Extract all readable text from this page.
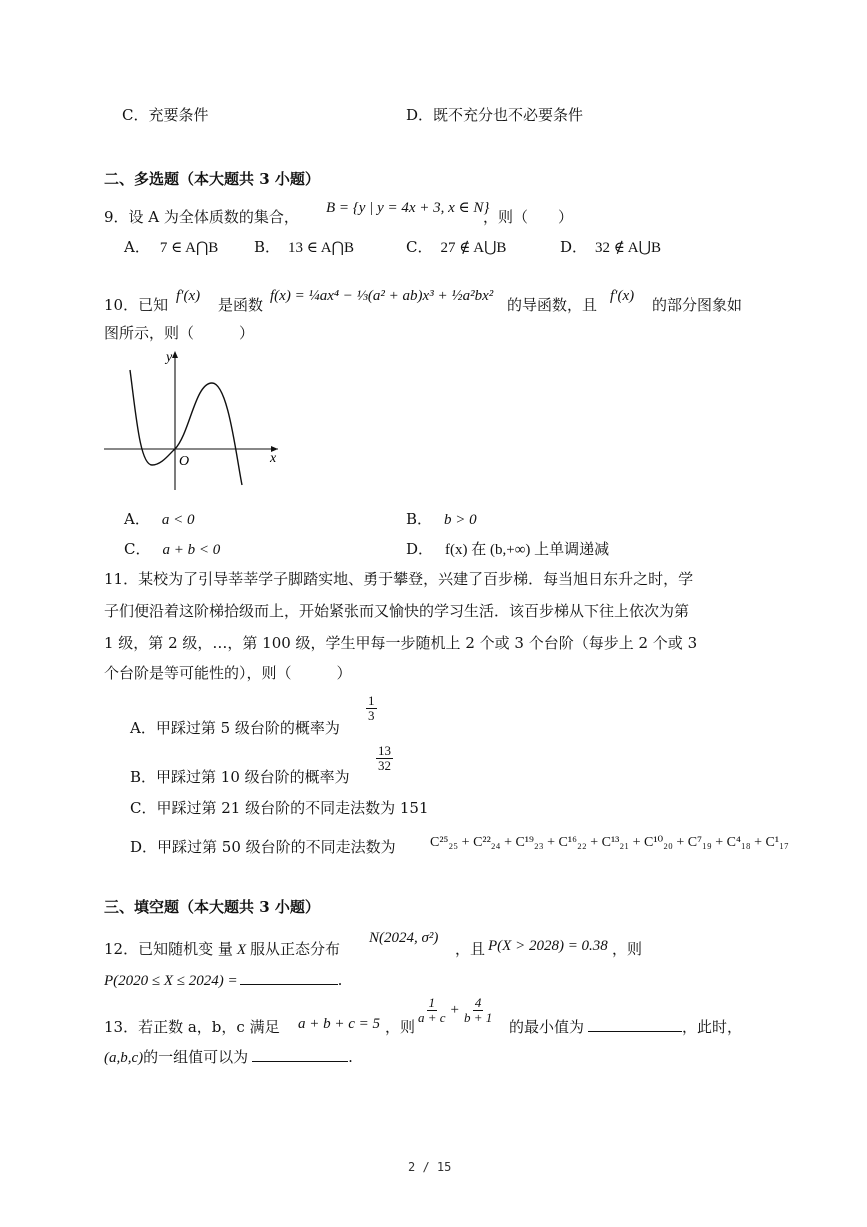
C．充要条件	D．既不充分也不必要条件
二、多选题（本大题共 3 小题）
9．设 A 为全体质数的集合， B = {y | y = 4x + 3, x ∈ N}
，则（　　）
A． 7 ∈ A⋂B B． 13 ∈ A⋂B	C． 27 ∉ A⋃B	D． 32 ∉ A⋃B
10．已知 f′(x) 是函数 f(x) = ¼ax⁴ − ⅓(a² + ab)x³ + ½a²bx² 的导函数，且 f′(x) 的部分图象如
图所示，则（　　　）
x
y
O
A． a < 0	B． b > 0
C． a + b < 0	D． f(x) 在 (b,+∞) 上单调递减
11．某校为了引导莘莘学子脚踏实地、勇于攀登，兴建了百步梯．每当旭日东升之时，学
子们便沿着这阶梯拾级而上，开始紧张而又愉快的学习生活．该百步梯从下往上依次为第
1 级，第 2 级，…，第 100 级，学生甲每一步随机上 2 个或 3 个台阶（每步上 2 个或 3
个台阶是等可能性的），则（　　　）
A．甲踩过第 5 级台阶的概率为
$\frac{1}{3}$
B．甲踩过第 10 级台阶的概率为
$\frac{13}{32}$
C．甲踩过第 21 级台阶的不同走法数为 151
D．甲踩过第 50 级台阶的不同走法数为 C²⁵₂₅ + C²²₂₄ + C¹⁹₂₃ + C¹⁶₂₂ + C¹³₂₁ + C¹⁰₂₀ + C⁷₁₉ + C⁴₁₈ + C¹₁₇
三、填空题（本大题共 3 小题）
12．已知随机变 量 X 服从正态分布
N(2024, σ²)
，且 P(X > 2028) = 0.38 ，则
P(2020 ≤ X ≤ 2024) =	.
13．若正数 a，b，c 满足 a + b + c = 5 ，则
$\frac{1}{a + c} + \frac{4}{b + 1}$
的最小值为	，此时，
(a,b,c)的一组值可以为	.
2 / 15
